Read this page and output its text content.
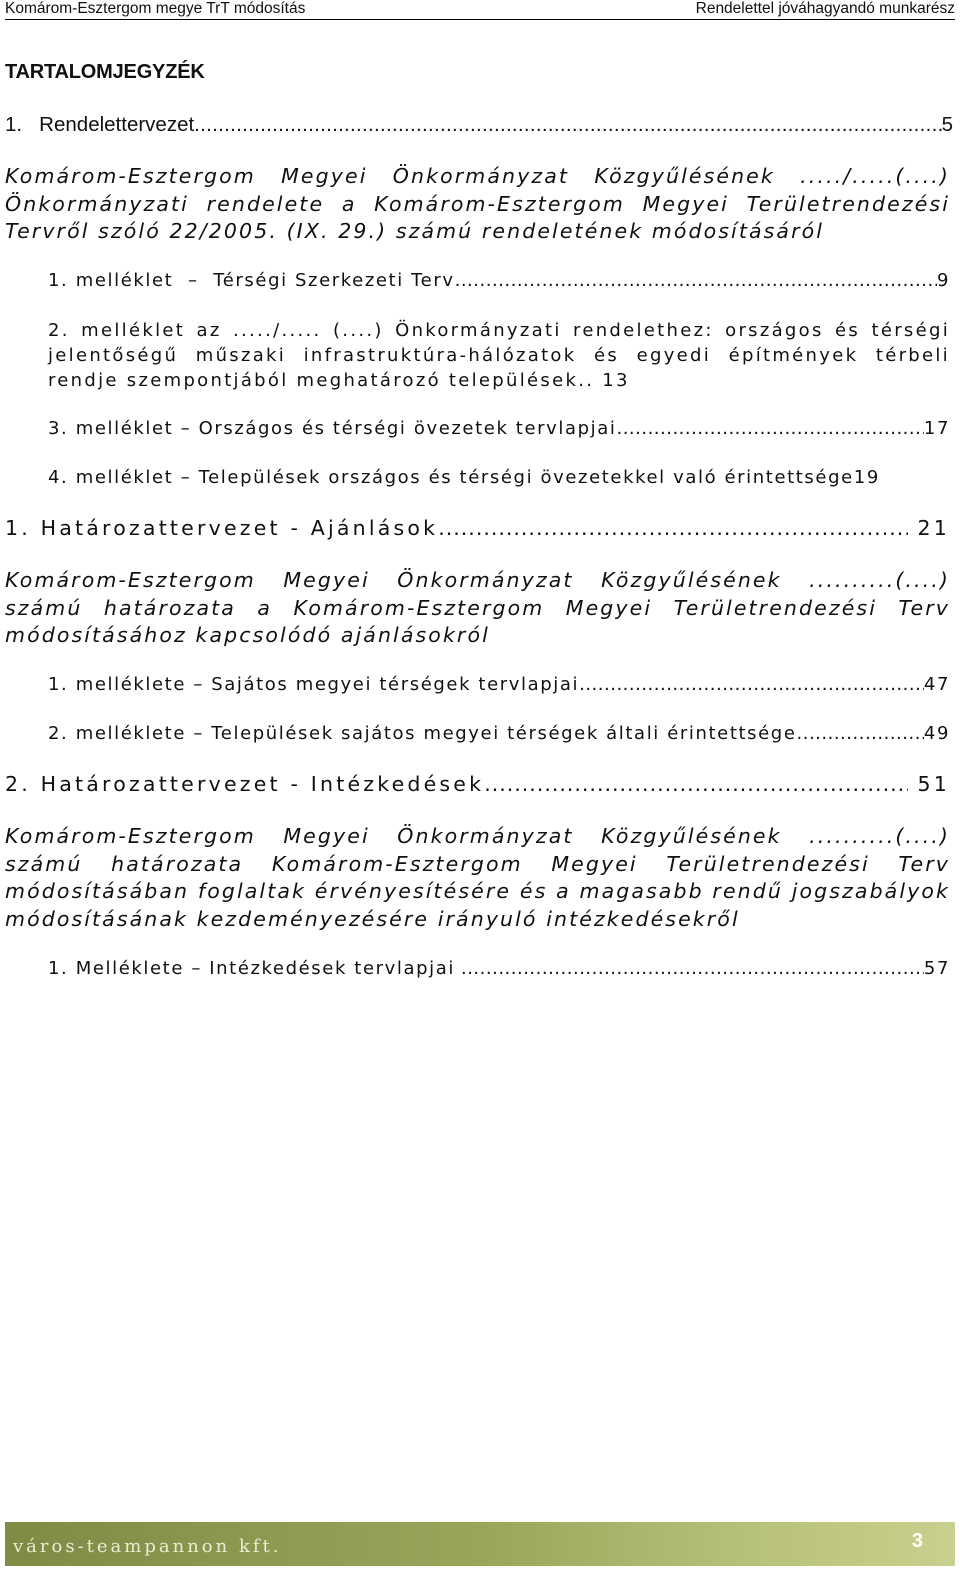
Komárom-Esztergom megye TrT módosítás	Rendelettel jóváhagyandó munkarész
TARTALOMJEGYZÉK
1.   Rendelettervezet .....	5
Komárom-Esztergom Megyei Önkormányzat Közgyűlésének ...../.....(....) Önkormányzati rendelete a Komárom-Esztergom Megyei Területrendezési Tervről szóló 22/2005. (IX. 29.) számú rendeletének módosításáról
1. melléklet  –  Térségi Szerkezeti Terv .....	9
2. melléklet az ...../..... (....) Önkormányzati rendelethez: országos és térségi jelentőségű műszaki infrastruktúra-hálózatok és egyedi építmények térbeli rendje szempontjából meghatározó települések.. 13
3. melléklet – Országos és térségi övezetek tervlapjai .....	17
4. melléklet – Települések országos és térségi övezetekkel való érintettsége 19
1. Határozattervezet - Ajánlások .....	21
Komárom-Esztergom Megyei Önkormányzat Közgyűlésének ..........(....) számú határozata a Komárom-Esztergom Megyei Területrendezési Terv módosításához kapcsolódó ajánlásokról
1. melléklete – Sajátos megyei térségek tervlapjai .....	47
2. melléklete – Települések sajátos megyei térségek általi érintettsége .....	49
2. Határozattervezet - Intézkedések .....	51
Komárom-Esztergom Megyei Önkormányzat Közgyűlésének ..........(....) számú határozata Komárom-Esztergom Megyei Területrendezési Terv módosításában foglaltak érvényesítésére és a magasabb rendű jogszabályok módosításának kezdeményezésére irányuló intézkedésekről
1. Melléklete – Intézkedések tervlapjai .....	57
város-teampannon kft.	3
